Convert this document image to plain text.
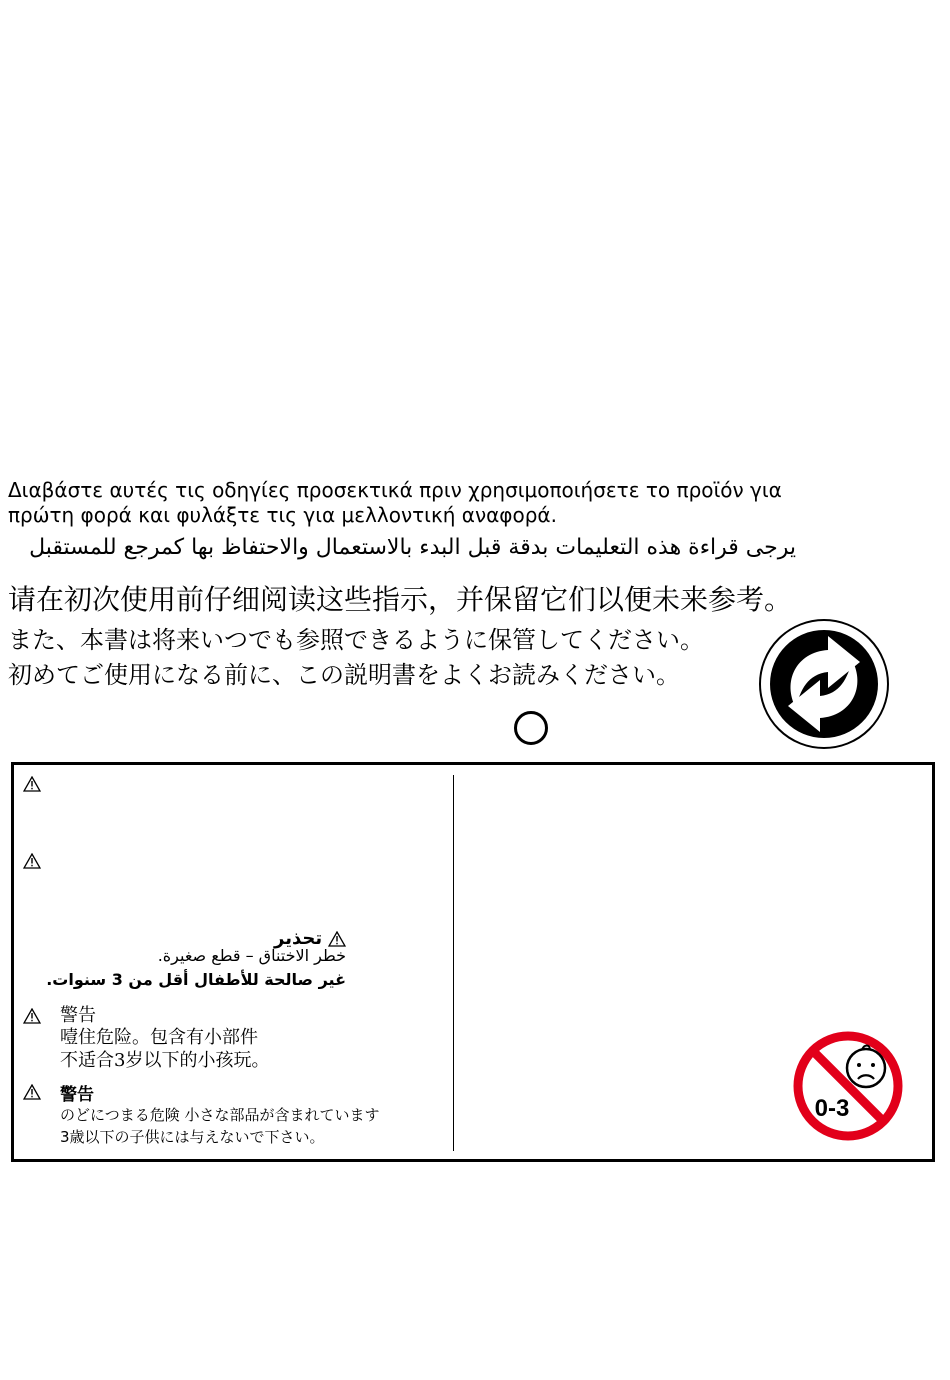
Διαβάστε αυτές τις οδηγίες προσεκτικά πριν χρησιμοποιήσετε το προϊόν για
πρώτη φορά και φυλάξτε τις για μελλοντική αναφορά.
يرجى قراءة هذه التعليمات بدقة قبل البدء بالاستعمال والاحتفاظ بها كمرجع للمستقبل
请在初次使用前仔细阅读这些指示，并保留它们以便未来参考。
また、本書は将来いつでも参照できるように保管してください。
初めてご使用になる前に、この説明書をよくお読みください。
تحذير
خطر الاختناق – قطع صغيرة.
غير صالحة للأطفال أقل من 3 سنوات.
警告
噎住危险。包含有小部件
不适合3岁以下的小孩玩。
警告
のどにつまる危険 小さな部品が含まれています
3歳以下の子供には与えないで下さい。
0-3
